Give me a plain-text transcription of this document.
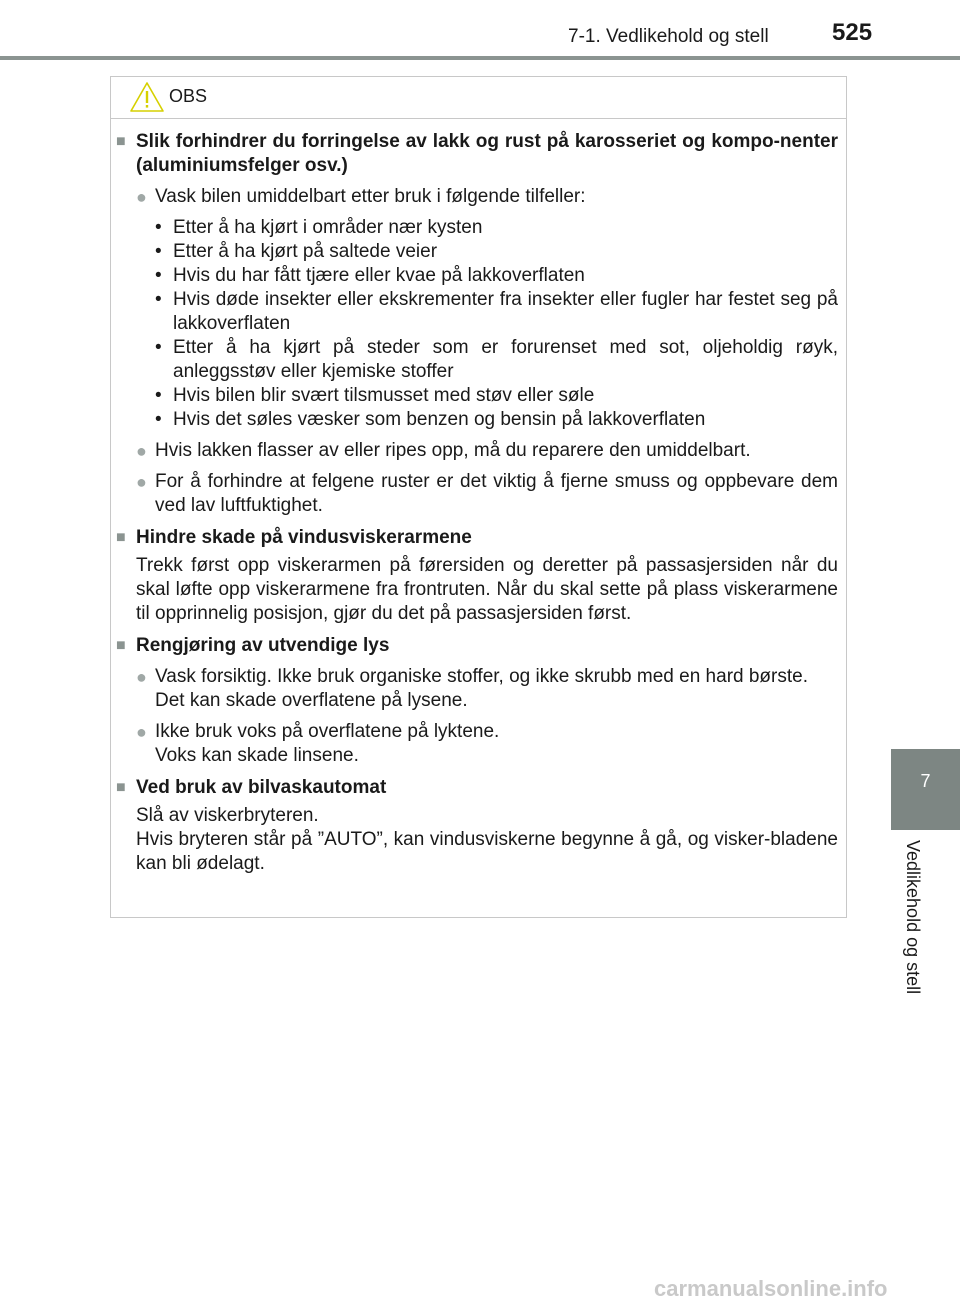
7-1. Vedlikehold og stell	525
7
Vedlikehold og stell
OBS
■ Slik forhindrer du forringelse av lakk og rust på karosseriet og kompo-nenter (aluminiumsfelger osv.)
● Vask bilen umiddelbart etter bruk i følgende tilfeller:
• Etter å ha kjørt i områder nær kysten
• Etter å ha kjørt på saltede veier
• Hvis du har fått tjære eller kvae på lakkoverflaten
• Hvis døde insekter eller ekskrementer fra insekter eller fugler har festet seg på lakkoverflaten
• Etter å ha kjørt på steder som er forurenset med sot, oljeholdig røyk, anleggsstøv eller kjemiske stoffer
• Hvis bilen blir svært tilsmusset med støv eller søle
• Hvis det søles væsker som benzen og bensin på lakkoverflaten
● Hvis lakken flasser av eller ripes opp, må du reparere den umiddelbart.
● For å forhindre at felgene ruster er det viktig å fjerne smuss og oppbevare dem ved lav luftfuktighet.
■ Hindre skade på vindusviskerarmene
Trekk først opp viskerarmen på førersiden og deretter på passasjersiden når du skal løfte opp viskerarmene fra frontruten. Når du skal sette på plass viskerarmene til opprinnelig posisjon, gjør du det på passasjersiden først.
■ Rengjøring av utvendige lys
● Vask forsiktig. Ikke bruk organiske stoffer, og ikke skrubb med en hard børste.
Det kan skade overflatene på lysene.
● Ikke bruk voks på overflatene på lyktene.
Voks kan skade linsene.
■ Ved bruk av bilvaskautomat
Slå av viskerbryteren.
Hvis bryteren står på ”AUTO”, kan vindusviskerne begynne å gå, og visker-bladene kan bli ødelagt.
carmanualsonline.info
